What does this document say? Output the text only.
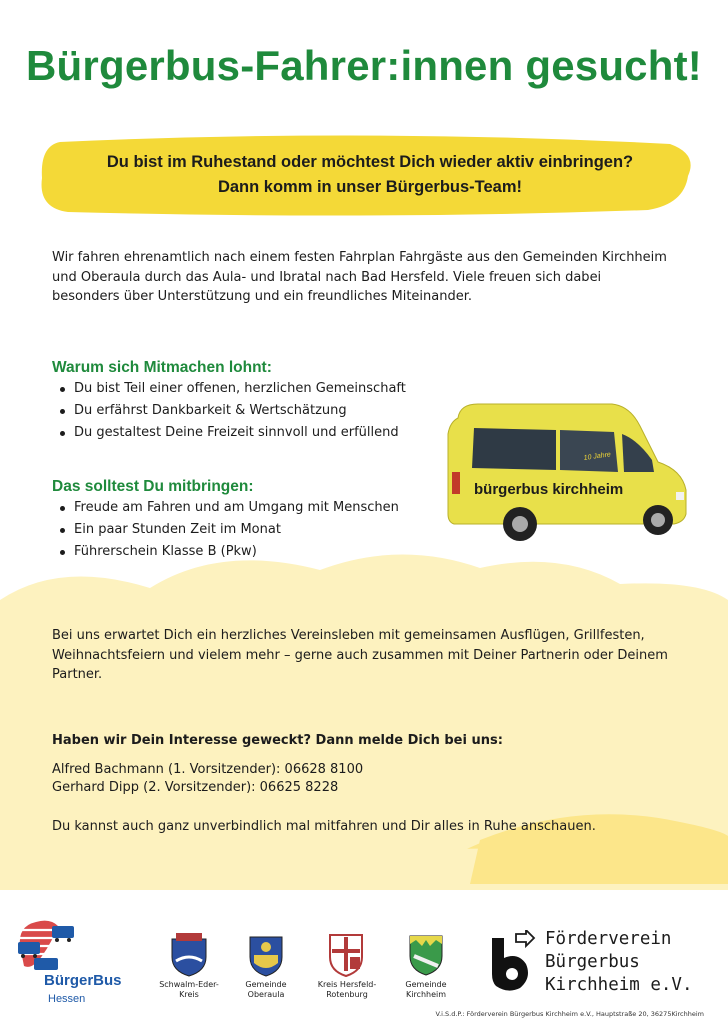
Bürgerbus-Fahrer:innen gesucht!
Du bist im Ruhestand oder möchtest Dich wieder aktiv einbringen?
Dann komm in unser Bürgerbus-Team!
Wir fahren ehrenamtlich nach einem festen Fahrplan Fahrgäste aus den Gemeinden Kirchheim und Oberaula durch das Aula- und Ibratal nach Bad Hersfeld. Viele freuen sich dabei besonders über Unterstützung und ein freundliches Miteinander.
Warum sich Mitmachen lohnt:
Du bist Teil einer offenen, herzlichen Gemeinschaft
Du erfährst Dankbarkeit & Wertschätzung
Du gestaltest Deine Freizeit sinnvoll und erfüllend
Das solltest Du mitbringen:
Freude am Fahren und am Umgang mit Menschen
Ein paar Stunden Zeit im Monat
Führerschein Klasse B (Pkw)
bürgerbus kirchheim
10 Jahre
Bei uns erwartet Dich ein herzliches Vereinsleben mit gemeinsamen Ausflügen, Grillfesten, Weihnachtsfeiern und vielem mehr – gerne auch zusammen mit Deiner Partnerin oder Deinem Partner.
Haben wir Dein Interesse geweckt? Dann melde Dich bei uns:
Alfred Bachmann (1. Vorsitzender): 06628 8100
Gerhard Dipp (2. Vorsitzender): 06625 8228
Du kannst auch ganz unverbindlich mal mitfahren und Dir alles in Ruhe anschauen.
BürgerBus
Hessen
Schwalm-Eder-
Kreis
Gemeinde
Oberaula
Kreis Hersfeld-
Rotenburg
Gemeinde
Kirchheim
Förderverein
Bürgerbus
Kirchheim e.V.
V.i.S.d.P.: Förderverein Bürgerbus Kirchheim e.V., Hauptstraße 20, 36275Kirchheim
